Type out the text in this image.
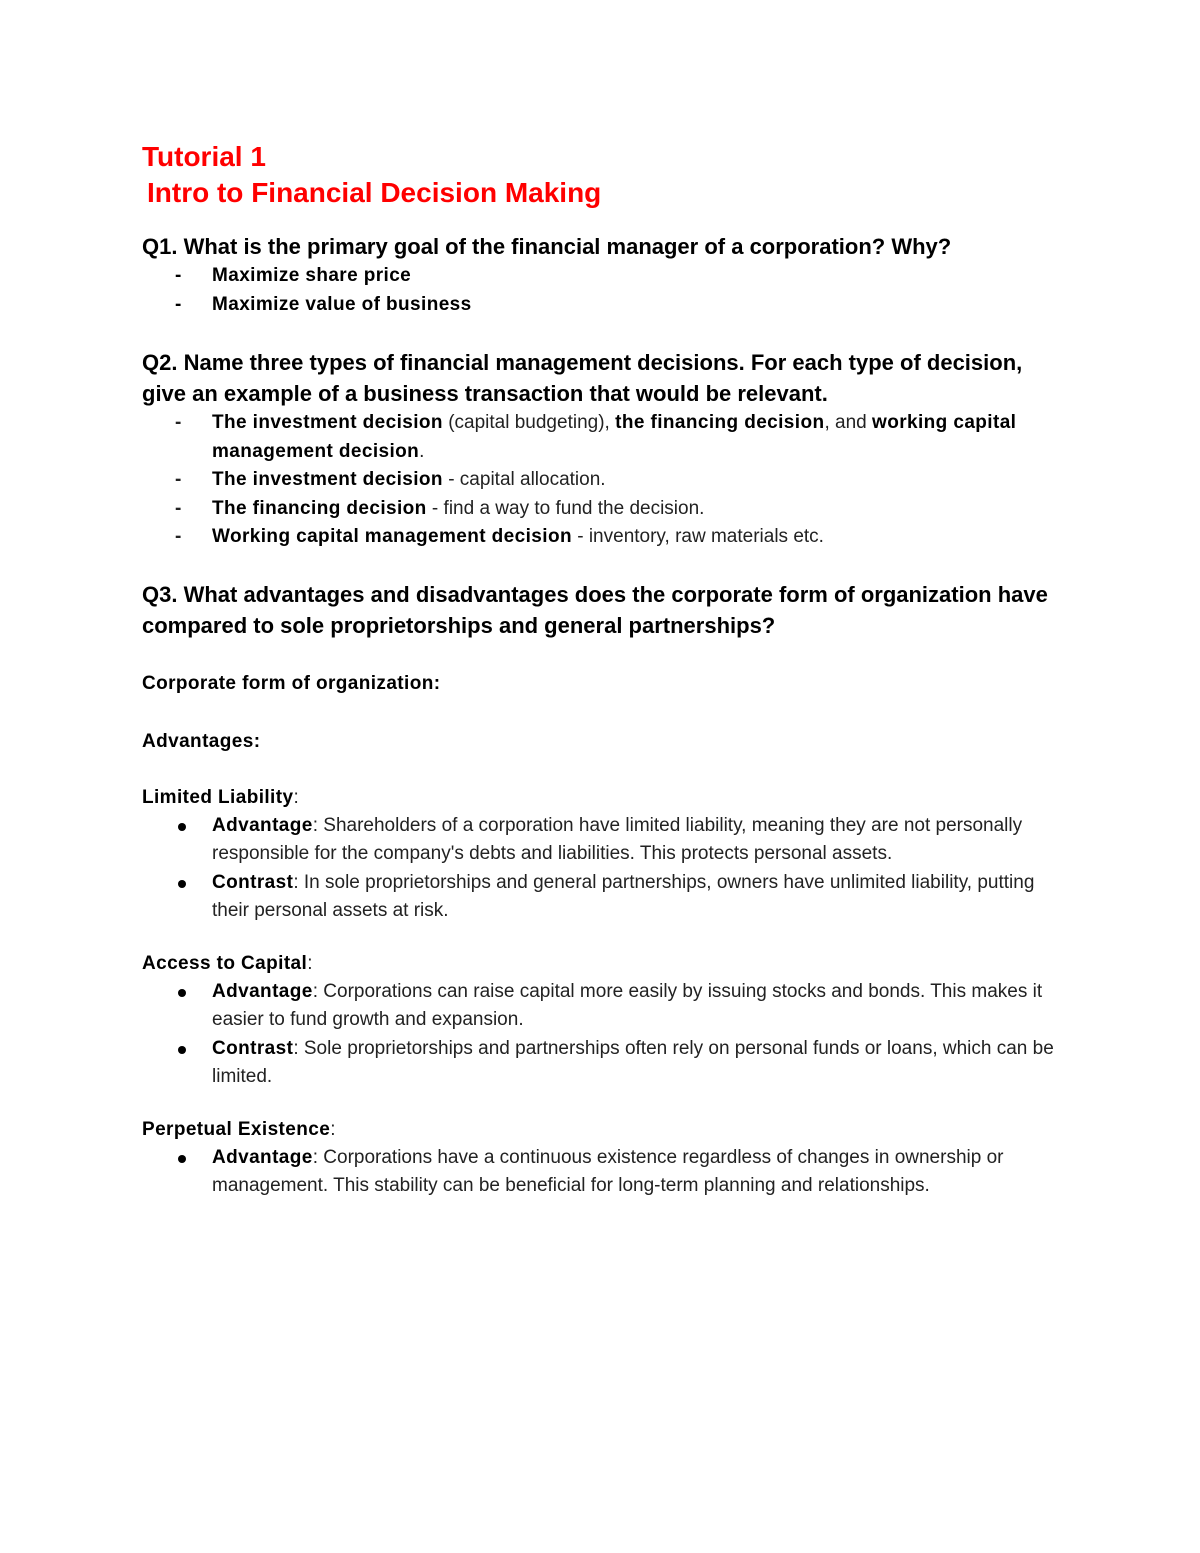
Tutorial 1

Intro to Financial Decision Making

Q1. What is the primary goal of the financial manager of a corporation? Why?

- Maximize share price
- Maximize value of business

Q2. Name three types of financial management decisions. For each type of decision, give an example of a business transaction that would be relevant.

- The investment decision (capital budgeting), the financing decision, and working capital management decision.
- The investment decision - capital allocation.
- The financing decision - find a way to fund the decision.
- Working capital management decision - inventory, raw materials etc.

Q3. What advantages and disadvantages does the corporate form of organization have compared to sole proprietorships and general partnerships?

Corporate form of organization:

Advantages:

Limited Liability:

Advantage: Shareholders of a corporation have limited liability, meaning they are not personally responsible for the company's debts and liabilities. This protects personal assets.
Contrast: In sole proprietorships and general partnerships, owners have unlimited liability, putting their personal assets at risk.

Access to Capital:

Advantage: Corporations can raise capital more easily by issuing stocks and bonds. This makes it easier to fund growth and expansion.
Contrast: Sole proprietorships and partnerships often rely on personal funds or loans, which can be limited.

Perpetual Existence:

Advantage: Corporations have a continuous existence regardless of changes in ownership or management. This stability can be beneficial for long-term planning and relationships.
